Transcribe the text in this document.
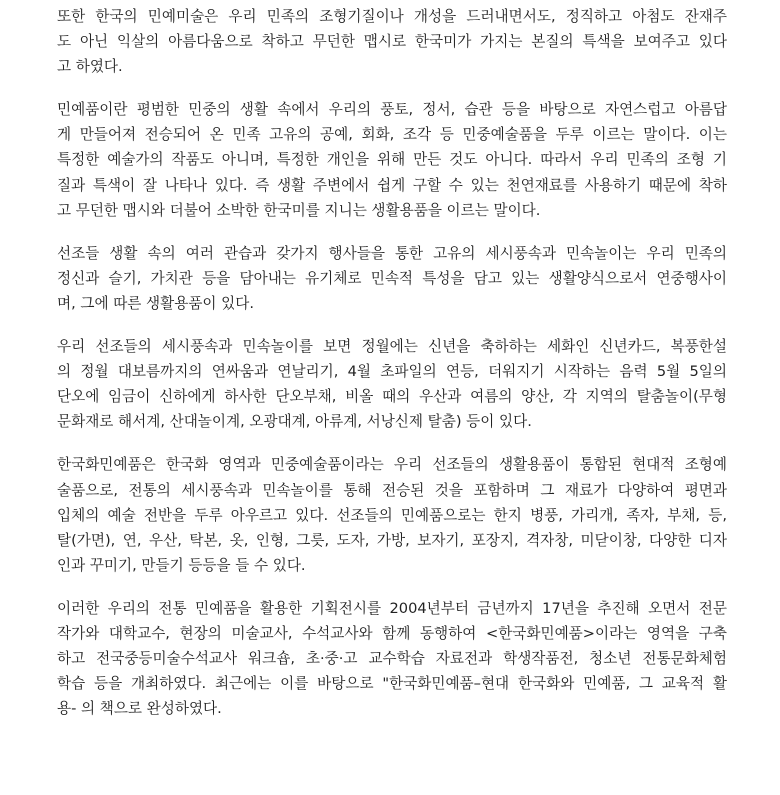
또한 한국의 민예미술은 우리 민족의 조형기질이나 개성을 드러내면서도, 정직하고 아첨도 잔재주
도 아닌 익살의 아름다움으로 착하고 무던한 맵시로 한국미가 가지는 본질의 특색을 보여주고 있다
고 하였다.
민예품이란 평범한 민중의 생활 속에서 우리의 풍토, 정서, 습관 등을 바탕으로 자연스럽고 아름답
게 만들어져 전승되어 온 민족 고유의 공예, 회화, 조각 등 민중예술품을 두루 이르는 말이다. 이는
특정한 예술가의 작품도 아니며, 특정한 개인을 위해 만든 것도 아니다. 따라서 우리 민족의 조형 기
질과 특색이 잘 나타나 있다. 즉 생활 주변에서 쉽게 구할 수 있는 천연재료를 사용하기 때문에 착하
고 무던한 맵시와 더불어 소박한 한국미를 지니는 생활용품을 이르는 말이다.
선조들 생활 속의 여러 관습과 갖가지 행사들을 통한 고유의 세시풍속과 민속놀이는 우리 민족의
정신과 슬기, 가치관 등을 담아내는 유기체로 민속적 특성을 담고 있는 생활양식으로서 연중행사이
며, 그에 따른 생활용품이 있다.
우리 선조들의 세시풍속과 민속놀이를 보면 정월에는 신년을 축하하는 세화인 신년카드, 복풍한설
의 정월 대보름까지의 연싸움과 연날리기, 4월 초파일의 연등, 더워지기 시작하는 음력 5월 5일의
단오에 임금이 신하에게 하사한 단오부채, 비올 때의 우산과 여름의 양산, 각 지역의 탈춤놀이(무형
문화재로 해서계, 산대놀이계, 오광대계, 아류계, 서낭신제 탈춤) 등이 있다.
한국화민예품은 한국화 영역과 민중예술품이라는 우리 선조들의 생활용품이 통합된 현대적 조형예
술품으로, 전통의 세시풍속과 민속놀이를 통해 전승된 것을 포함하며 그 재료가 다양하여 평면과
입체의 예술 전반을 두루 아우르고 있다. 선조들의 민예품으로는 한지 병풍, 가리개, 족자, 부채, 등,
탈(가면), 연, 우산, 탁본, 옷, 인형, 그릇, 도자, 가방, 보자기, 포장지, 격자창, 미닫이창, 다양한 디자
인과 꾸미기, 만들기 등등을 들 수 있다.
이러한 우리의 전통 민예품을 활용한 기획전시를 2004년부터 금년까지 17년을 추진해 오면서 전문
작가와 대학교수, 현장의 미술교사, 수석교사와 함께 동행하여 <한국화민예품>이라는 영역을 구축
하고 전국중등미술수석교사 워크숍, 초·중·고 교수학습 자료전과 학생작품전, 청소년 전통문화체험
학습 등을 개최하였다. 최근에는 이를 바탕으로 "한국화민예품–현대 한국화와 민예품, 그 교육적 활
용- 의 책으로 완성하였다.
